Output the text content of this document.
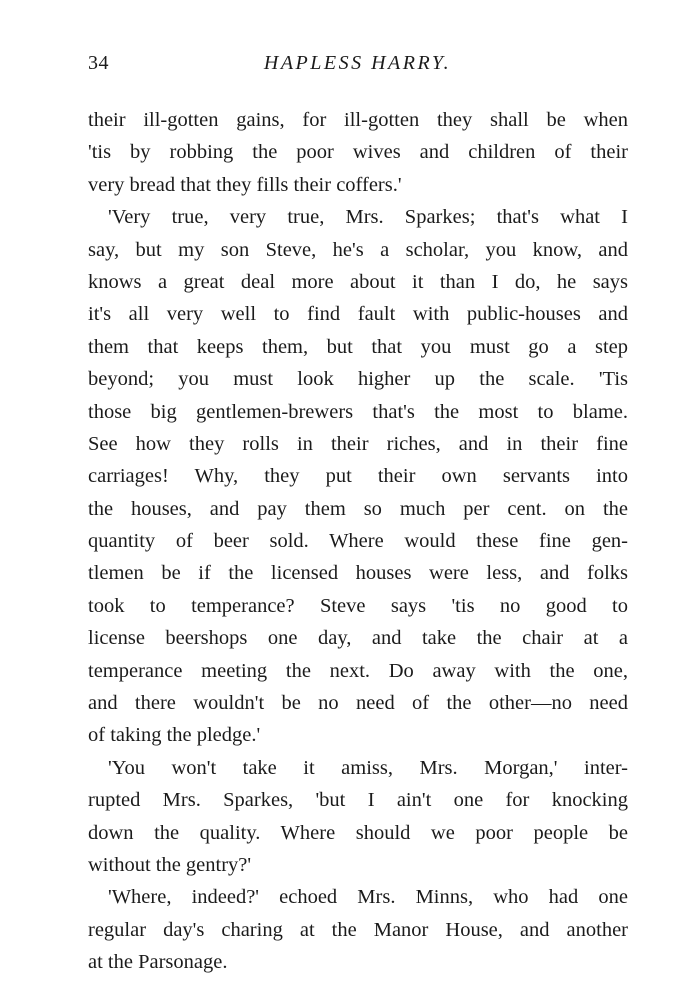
34	HAPLESS HARRY.
their ill-gotten gains, for ill-gotten they shall be when
'tis by robbing the poor wives and children of their
very bread that they fills their coffers.'
'Very true, very true, Mrs. Sparkes; that's what I
say, but my son Steve, he's a scholar, you know, and
knows a great deal more about it than I do, he says
it's all very well to find fault with public-houses and
them that keeps them, but that you must go a step
beyond; you must look higher up the scale. 'Tis
those big gentlemen-brewers that's the most to blame.
See how they rolls in their riches, and in their fine
carriages! Why, they put their own servants into
the houses, and pay them so much per cent. on the
quantity of beer sold. Where would these fine gen-
tlemen be if the licensed houses were less, and folks
took to temperance? Steve says 'tis no good to
license beershops one day, and take the chair at a
temperance meeting the next. Do away with the one,
and there wouldn't be no need of the other—no need
of taking the pledge.'
'You won't take it amiss, Mrs. Morgan,' inter-
rupted Mrs. Sparkes, 'but I ain't one for knocking
down the quality. Where should we poor people be
without the gentry?'
'Where, indeed?' echoed Mrs. Minns, who had one
regular day's charing at the Manor House, and another
at the Parsonage.
